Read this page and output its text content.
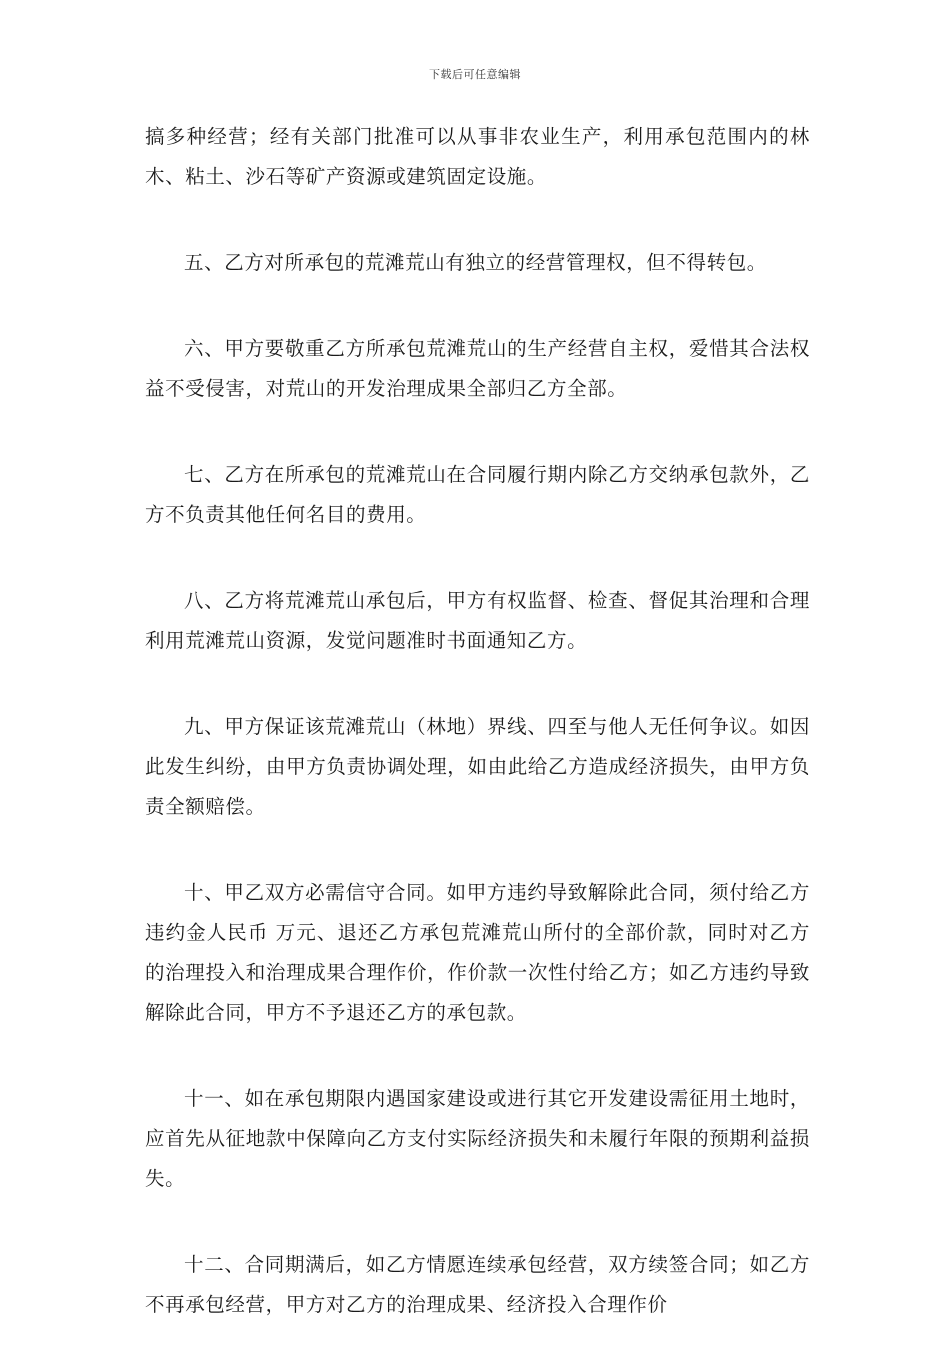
下载后可任意编辑

搞多种经营；经有关部门批准可以从事非农业生产，利用承包范围内的林木、粘土、沙石等矿产资源或建筑固定设施。

五、乙方对所承包的荒滩荒山有独立的经营管理权，但不得转包。

六、甲方要敬重乙方所承包荒滩荒山的生产经营自主权，爱惜其合法权益不受侵害，对荒山的开发治理成果全部归乙方全部。

七、乙方在所承包的荒滩荒山在合同履行期内除乙方交纳承包款外，乙方不负责其他任何名目的费用。

八、乙方将荒滩荒山承包后，甲方有权监督、检查、督促其治理和合理利用荒滩荒山资源，发觉问题准时书面通知乙方。

九、甲方保证该荒滩荒山（林地）界线、四至与他人无任何争议。如因此发生纠纷，由甲方负责协调处理，如由此给乙方造成经济损失，由甲方负责全额赔偿。

十、甲乙双方必需信守合同。如甲方违约导致解除此合同，须付给乙方违约金人民币 万元、退还乙方承包荒滩荒山所付的全部价款，同时对乙方的治理投入和治理成果合理作价，作价款一次性付给乙方；如乙方违约导致解除此合同，甲方不予退还乙方的承包款。

十一、如在承包期限内遇国家建设或进行其它开发建设需征用土地时，应首先从征地款中保障向乙方支付实际经济损失和未履行年限的预期利益损失。

十二、合同期满后，如乙方情愿连续承包经营，双方续签合同；如乙方不再承包经营，甲方对乙方的治理成果、经济投入合理作价
